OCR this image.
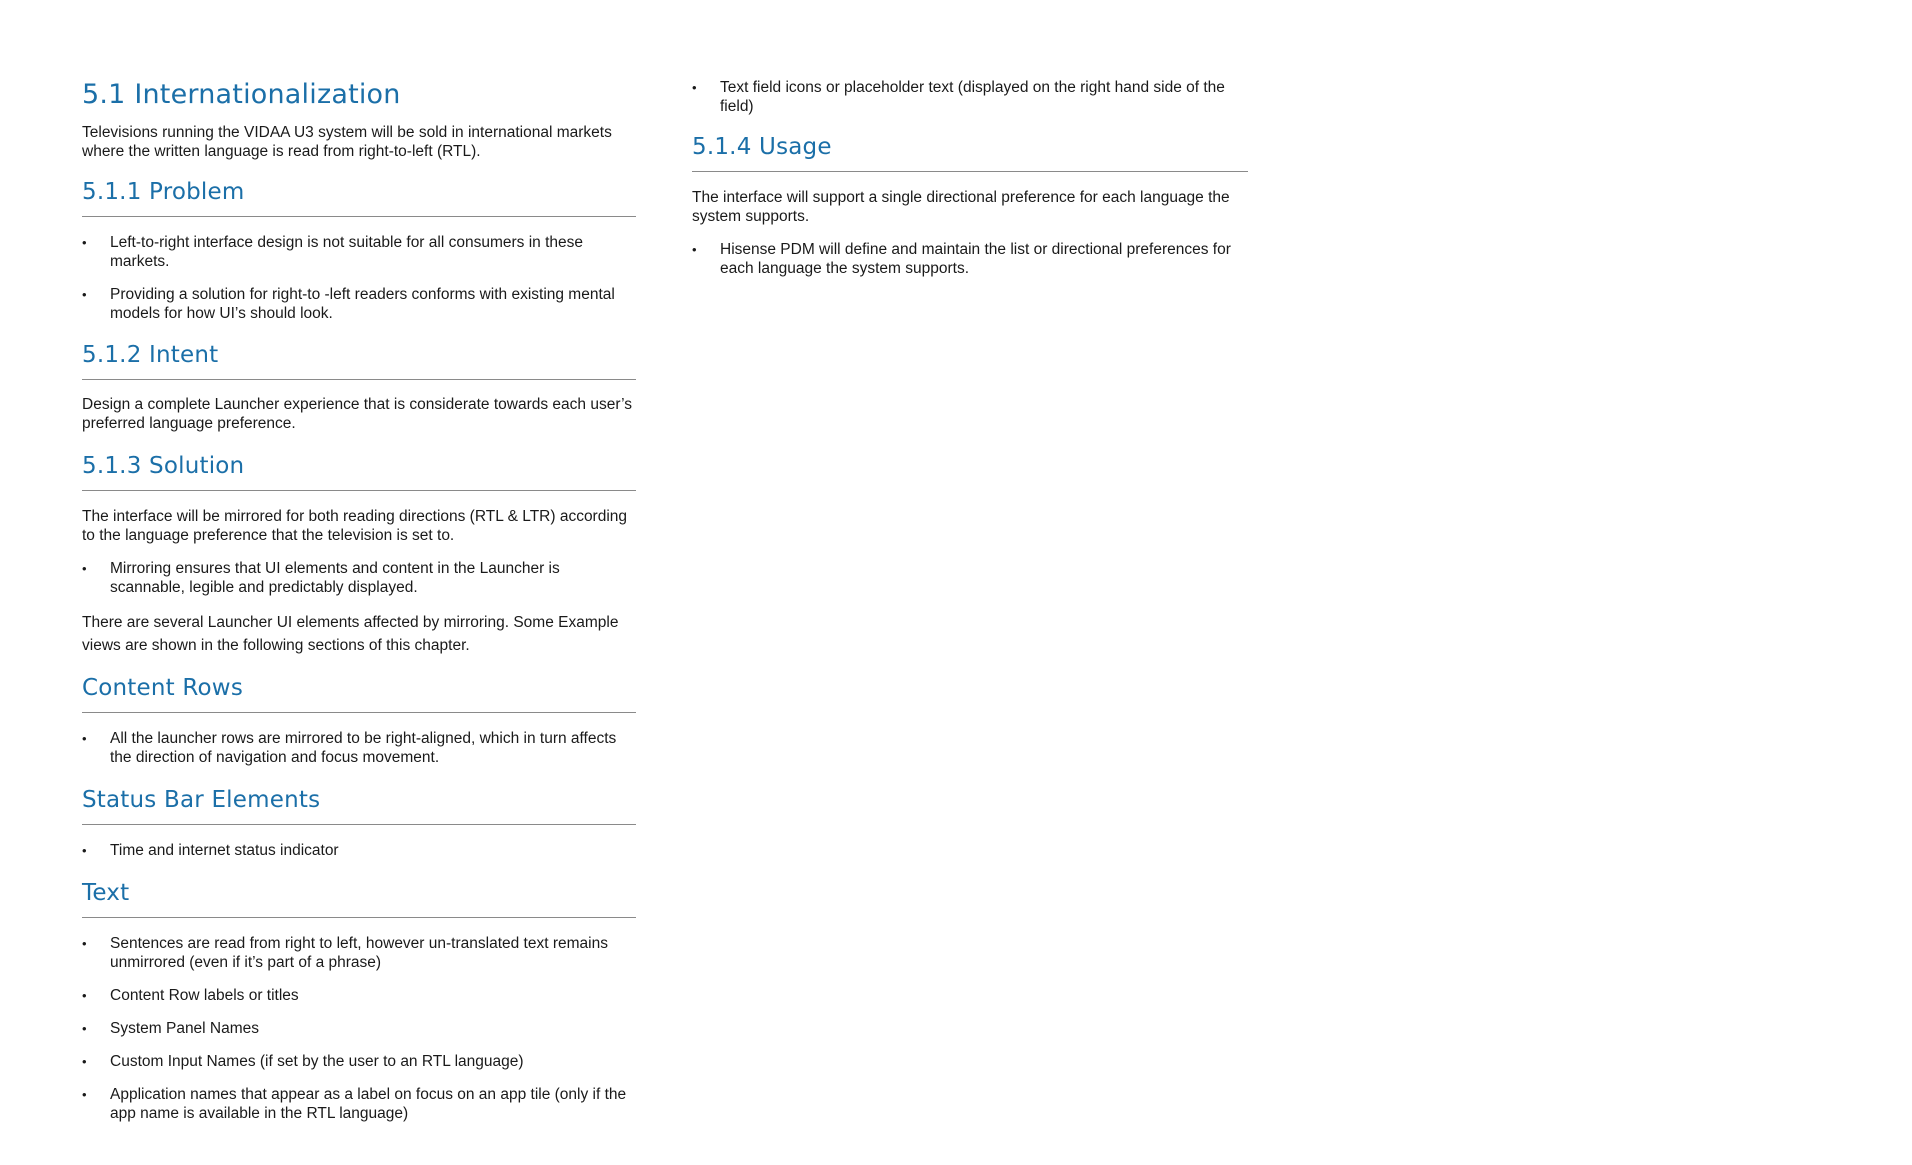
5.1 Internationalization

Televisions running the VIDAA U3 system will be sold in international markets where the written language is read from right-to-left (RTL).

5.1.1 Problem
• Left-to-right interface design is not suitable for all consumers in these markets.
• Providing a solution for right-to -left readers conforms with existing mental models for how UI’s should look.
5.1.2 Intent

Design a complete Launcher experience that is considerate towards each user’s preferred language preference.

5.1.3 Solution

The interface will be mirrored for both reading directions (RTL & LTR) according to the language preference that the television is set to.

• Mirroring ensures that UI elements and content in the Launcher is scannable, legible and predictably displayed.

There are several Launcher UI elements affected by mirroring. Some Example views are shown in the following sections of this chapter.

Content Rows
• All the launcher rows are mirrored to be right-aligned, which in turn affects the direction of navigation and focus movement.
Status Bar Elements
• Time and internet status indicator
Text
• Sentences are read from right to left, however un-translated text remains unmirrored (even if it’s part of a phrase)
• Content Row labels or titles
• System Panel Names
• Custom Input Names (if set by the user to an RTL language)
• Application names that appear as a label on focus on an app tile (only if the app name is available in the RTL language)
• Text field icons or placeholder text (displayed on the right hand side of the field)
5.1.4 Usage

The interface will support a single directional preference for each language the system supports.

• Hisense PDM will define and maintain the list or directional preferences for each language the system supports.
